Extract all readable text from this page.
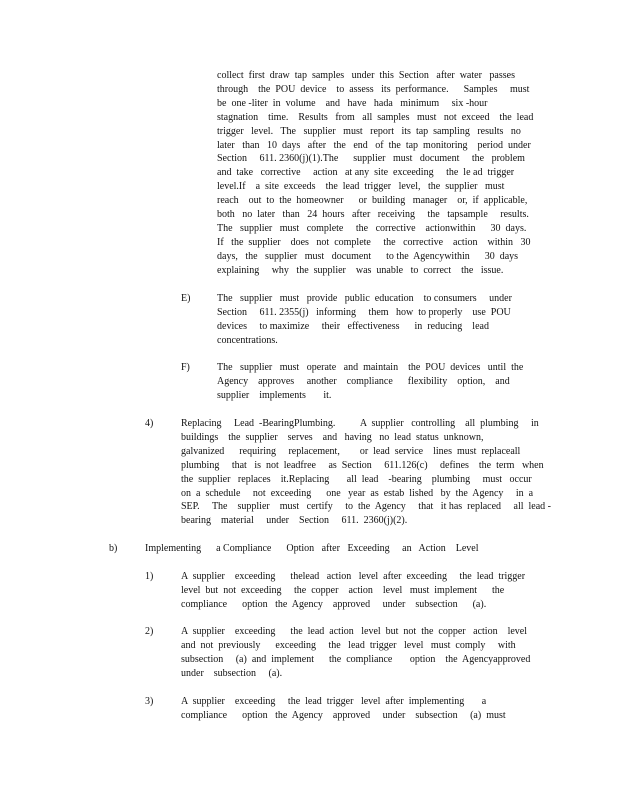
collect  first  draw  tap  samples   under  this  Section   after  water   passes
through    the  POU  device    to  assess   its  performance.      Samples     must
be  one -liter  in  volume    and   have   hada   minimum     six -hour
stagnation    time.    Results   from   all  samples   must   not  exceed    the  lead
trigger   level.   The   supplier   must   report   its  tap  sampling   results   no
later   than   10  days   after   the   end   of  the  tap  monitoring    period  under
Section     611. 2360(j)(1).The      supplier   must   document     the   problem
and  take   corrective     action   at any  site  exceeding     the  le ad  trigger
level.If    a  site  exceeds    the  lead  trigger   level,   the  supplier   must
reach    out  to  the  homeowner      or  building   manager    or,  if  applicable,
both   no  later   than   24  hours   after   receiving     the   tapsample     results.
The   supplier   must   complete     the   corrective    actionwithin      30  days.
If   the  supplier    does   not  complete     the   corrective    action    within   30
days,   the   supplier   must   document      to the  Agencywithin      30  days
explaining     why   the  supplier    was  unable   to  correct    the   issue.
E)	The   supplier   must   provide   public  education    to consumers     under
Section     611. 2355(j)   informing     them   how  to properly    use  POU
devices     to maximize     their   effectiveness      in  reducing    lead
concentrations.
F)	The   supplier   must   operate   and  maintain    the  POU  devices   until  the
Agency    approves     another    compliance      flexibility    option,    and
supplier    implements       it.
4)	Replacing     Lead  -BearingPlumbing.          A  supplier   controlling    all  plumbing     in
buildings    the  supplier    serves    and   having   no  lead  status  unknown,
galvanized      requiring     replacement,        or  lead  service    lines  must  replaceall
plumbing     that   is  not  leadfree     as  Section     611.126(c)     defines    the  term   when
the  supplier   replaces    it.Replacing       all  lead    -bearing    plumbing     must   occur
on  a  schedule     not  exceeding      one   year  as  estab  lished   by  the  Agency     in  a
SEP.     The    supplier    must   certify     to  the  Agency     that   it has  replaced     all  lead -
bearing    material     under    Section     611.  2360(j)(2).
b)	Implementing      a Compliance      Option   after   Exceeding     an   Action    Level
1)	A  supplier    exceeding      thelead   action   level  after  exceeding     the  lead  trigger
level  but  not  exceeding     the  copper    action    level   must  implement      the
compliance      option   the  Agency    approved     under    subsection      (a).
2)	A  supplier    exceeding      the  lead  action   level  but  not  the  copper   action    level
and  not  previously      exceeding     the   lead  trigger   level   must  comply     with
subsection     (a)  and  implement      the  compliance       option    the  Agencyapproved
under    subsection     (a).
3)	A  supplier    exceeding     the  lead  trigger   level  after  implementing       a
compliance      option   the  Agency    approved     under    subsection     (a)  must
